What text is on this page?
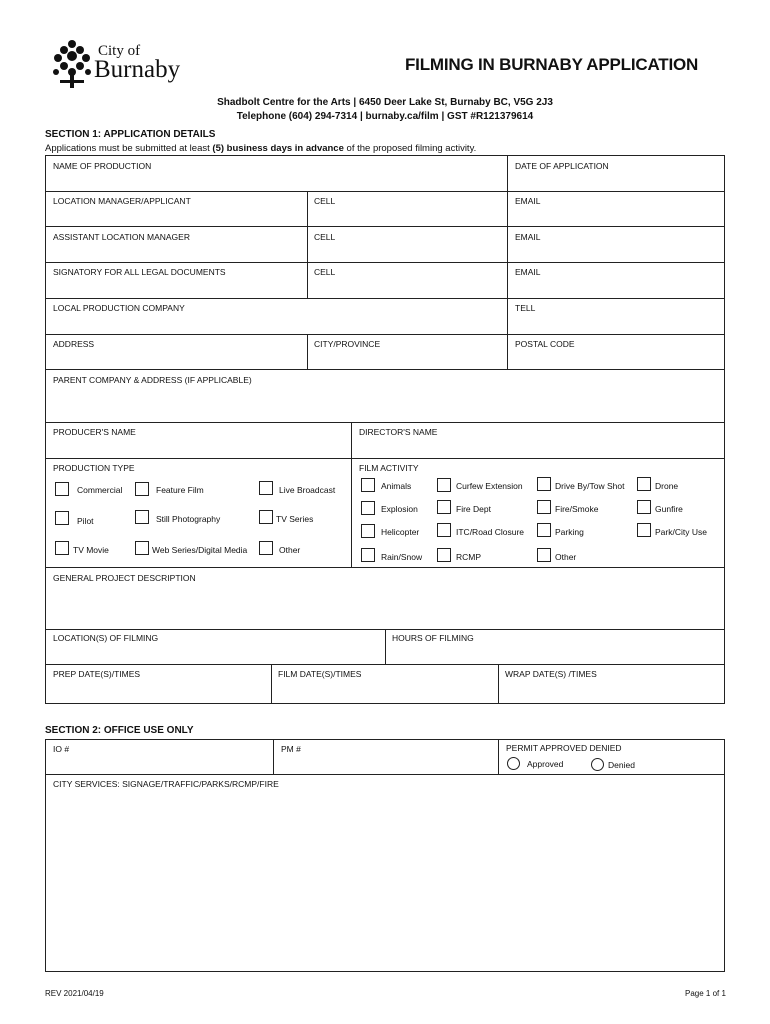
City of
Burnaby	FILMING IN BURNABY APPLICATION
Shadbolt Centre for the Arts | 6450 Deer Lake St, Burnaby BC, V5G 2J3
Telephone (604) 294-7314 | burnaby.ca/film | GST #R121379614
SECTION 1: APPLICATION DETAILS
Applications must be submitted at least (5) business days in advance of the proposed filming activity.
NAME OF PRODUCTION	DATE OF APPLICATION
LOCATION MANAGER/APPLICANT	CELL	EMAIL
ASSISTANT LOCATION MANAGER	CELL	EMAIL
SIGNATORY FOR ALL LEGAL DOCUMENTS	CELL	EMAIL
LOCAL PRODUCTION COMPANY	TELL
ADDRESS	CITY/PROVINCE	POSTAL CODE
PARENT COMPANY & ADDRESS (IF APPLICABLE)
PRODUCER'S NAME	DIRECTOR'S NAME
PRODUCTION TYPE	FILM ACTIVITY
Commercial	Feature Film	Live Broadcast
Pilot	Still Photography	TV Series
TV Movie	Web Series/Digital Media	Other
Animals	Curfew Extension	Drive By/Tow Shot	Drone
Explosion	Fire Dept	Fire/Smoke	Gunfire
Helicopter	ITC/Road Closure	Parking	Park/City Use
Rain/Snow	RCMP	Other
GENERAL PROJECT DESCRIPTION
LOCATION(S) OF FILMING	HOURS OF FILMING
PREP DATE(S)/TIMES	FILM DATE(S)/TIMES	WRAP DATE(S) /TIMES
SECTION 2: OFFICE USE ONLY
IO #	PM #	PERMIT APPROVED DENIED
Approved	Denied
CITY SERVICES: SIGNAGE/TRAFFIC/PARKS/RCMP/FIRE
REV 2021/04/19	Page 1 of 1
